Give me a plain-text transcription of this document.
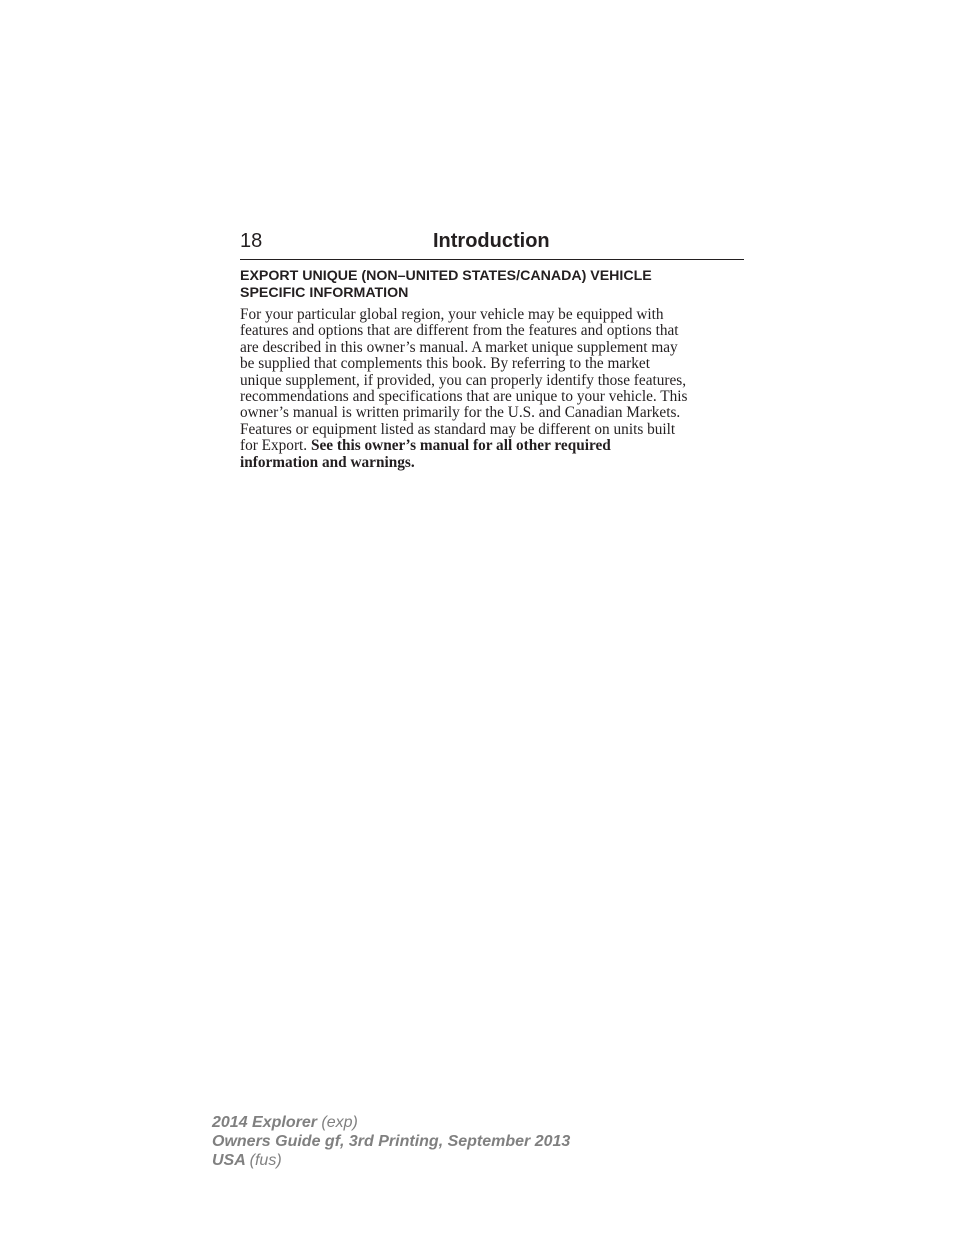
18	Introduction
EXPORT UNIQUE (NON–UNITED STATES/CANADA) VEHICLE
SPECIFIC INFORMATION

For your particular global region, your vehicle may be equipped with
features and options that are different from the features and options that
are described in this owner’s manual. A market unique supplement may
be supplied that complements this book. By referring to the market
unique supplement, if provided, you can properly identify those features,
recommendations and specifications that are unique to your vehicle. This
owner’s manual is written primarily for the U.S. and Canadian Markets.
Features or equipment listed as standard may be different on units built
for Export. See this owner’s manual for all other required
information and warnings.

2014 Explorer (exp)
Owners Guide gf, 3rd Printing, September 2013
USA (fus)
